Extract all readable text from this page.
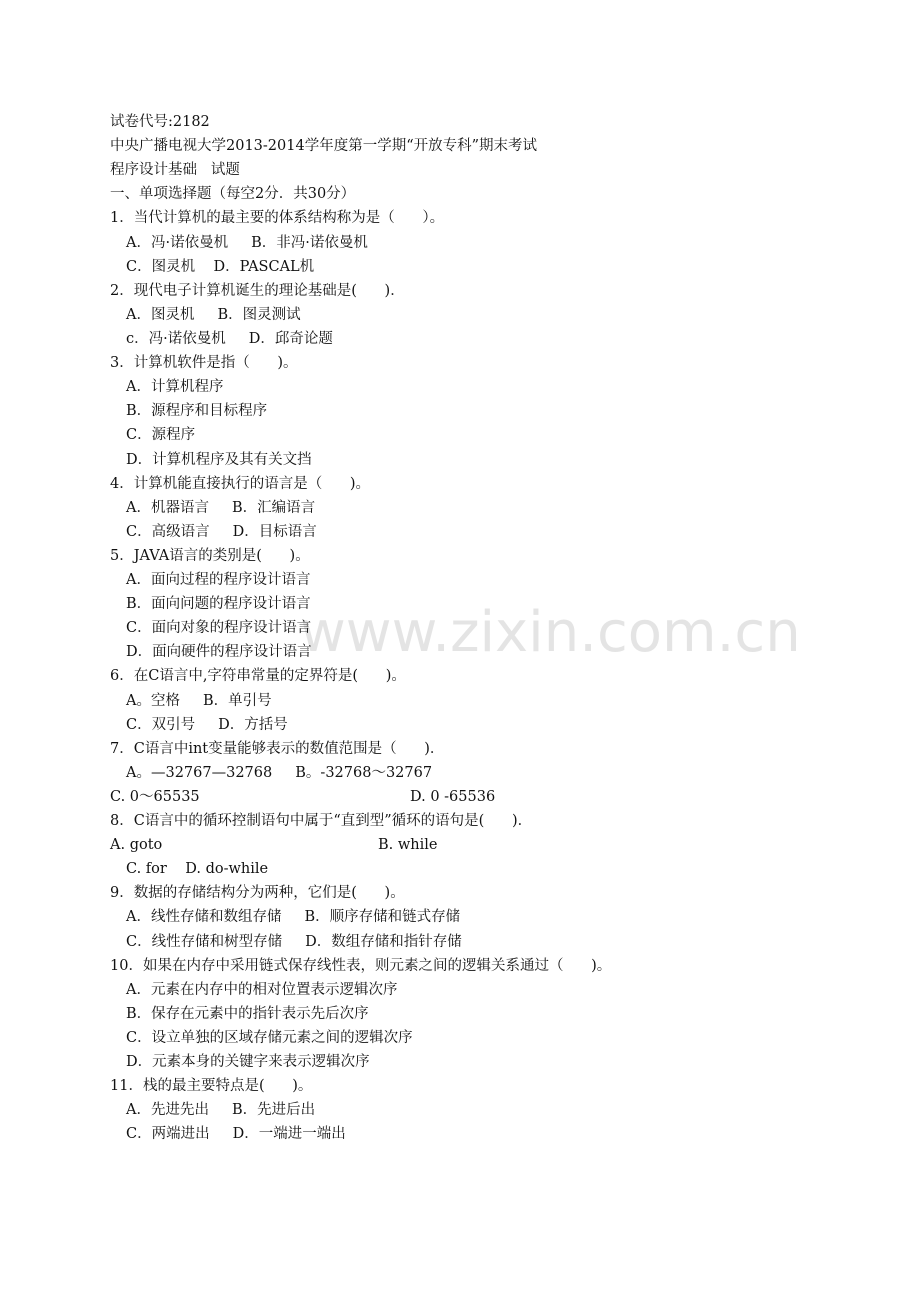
www.zixin.com.cn
试卷代号:2182
中央广播电视大学2013-2014学年度第一学期“开放专科”期末考试
程序设计基础   试题
一、单项选择题（每空2分．共30分）
1．当代计算机的最主要的体系结构称为是（      ）。
A．冯·诺依曼机     B．非冯·诺依曼机
C．图灵机    D．PASCAL机
2．现代电子计算机诞生的理论基础是(      )．
A．图灵机     B．图灵测试
c．冯·诺依曼机     D．邱奇论题
3．计算机软件是指（      )。
A．计算机程序
B．源程序和目标程序
C．源程序
D．计算机程序及其有关文挡
4．计算机能直接执行的语言是（      )。
A．机器语言     B．汇编语言
C．高级语言     D．目标语言
5．JAVA语言的类别是(      )。
A．面向过程的程序设计语言
B．面向问题的程序设计语言
C．面向对象的程序设计语言
D．面向硬件的程序设计语言
6．在C语言中,字符串常量的定界符是(      )。
A。空格     B．单引号
C．双引号     D．方括号
7．C语言中int变量能够表示的数值范围是（      )．
A。—32767—32768     B。-32768～32767
C. 0～65535	D. 0 -65536
8．C语言中的循环控制语句中属于“直到型”循环的语句是(      )．
A. goto	B. while
C. for    D. do-while
9．数据的存储结构分为两种，它们是(      )。
A．线性存储和数组存储     B．顺序存储和链式存储
C．线性存储和树型存储     D．数组存储和指针存储
10．如果在内存中采用链式保存线性表，则元素之间的逻辑关系通过（      )。
A．元素在内存中的相对位置表示逻辑次序
B．保存在元素中的指针表示先后次序
C．设立单独的区域存储元素之间的逻辑次序
D．元素本身的关键字来表示逻辑次序
11．栈的最主要特点是(      )。
A．先进先出     B．先进后出
C．两端进出     D．一端进一端出
